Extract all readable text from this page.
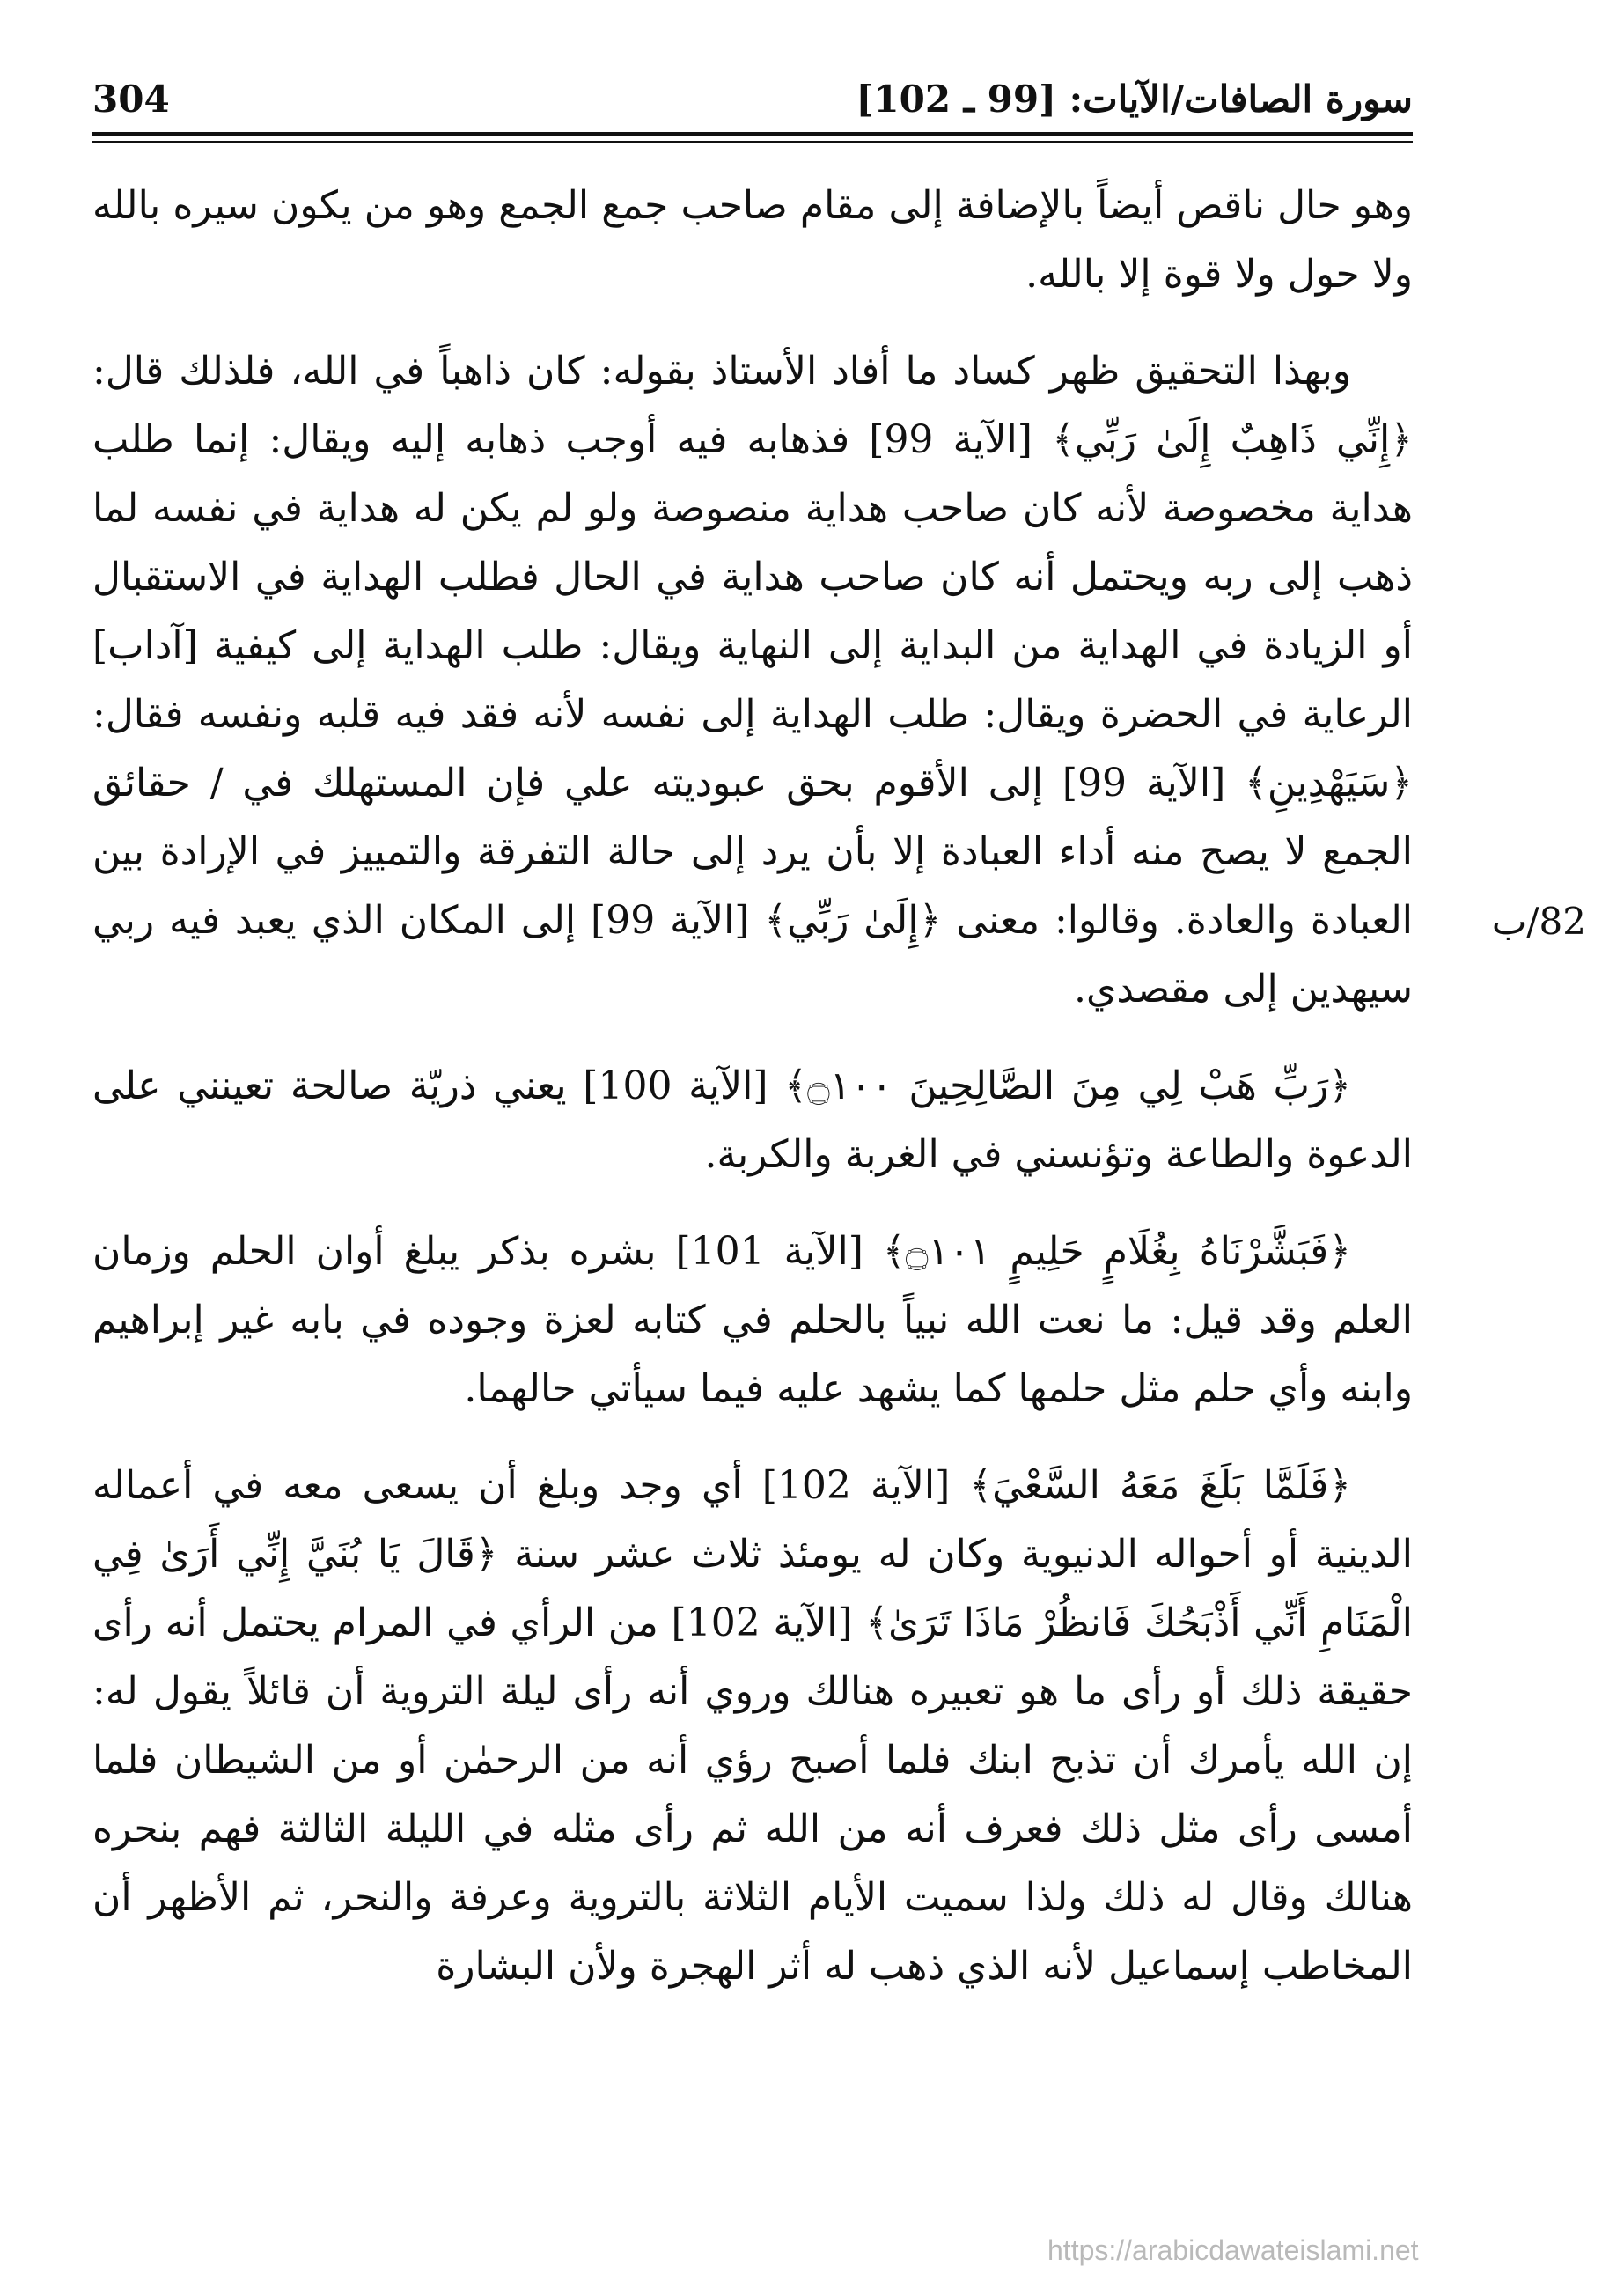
304	سورة الصافات/الآيات: [99 ـ 102]

وهو حال ناقص أيضاً بالإضافة إلى مقام صاحب جمع الجمع وهو من يكون سيره بالله ولا حول ولا قوة إلا بالله.

وبهذا التحقيق ظهر كساد ما أفاد الأستاذ بقوله: كان ذاهباً في الله، فلذلك قال: ﴿إِنِّي ذَاهِبٌ إِلَىٰ رَبِّي﴾ [الآية 99] فذهابه فيه أوجب ذهابه إليه ويقال: إنما طلب هداية مخصوصة لأنه كان صاحب هداية منصوصة ولو لم يكن له هداية في نفسه لما ذهب إلى ربه ويحتمل أنه كان صاحب هداية في الحال فطلب الهداية في الاستقبال أو الزيادة في الهداية من البداية إلى النهاية ويقال: طلب الهداية إلى كيفية [آداب] الرعاية في الحضرة ويقال: طلب الهداية إلى نفسه لأنه فقد فيه قلبه ونفسه فقال: ﴿سَيَهْدِينِ﴾ [الآية 99] إلى الأقوم بحق عبوديته علي فإن المستهلك في / حقائق الجمع لا يصح منه أداء العبادة إلا بأن يرد إلى حالة التفرقة والتمييز في الإرادة بين العبادة والعادة. وقالوا: معنى ﴿إِلَىٰ رَبِّي﴾ [الآية 99] إلى المكان الذي يعبد فيه ربي سيهدين إلى مقصدي.

﴿رَبِّ هَبْ لِي مِنَ الصَّالِحِينَ ۝١٠٠﴾ [الآية 100] يعني ذريّة صالحة تعينني على الدعوة والطاعة وتؤنسني في الغربة والكربة.

﴿فَبَشَّرْنَاهُ بِغُلَامٍ حَلِيمٍ ۝١٠١﴾ [الآية 101] بشره بذكر يبلغ أوان الحلم وزمان العلم وقد قيل: ما نعت الله نبياً بالحلم في كتابه لعزة وجوده في بابه غير إبراهيم وابنه وأي حلم مثل حلمها كما يشهد عليه فيما سيأتي حالهما.

﴿فَلَمَّا بَلَغَ مَعَهُ السَّعْيَ﴾ [الآية 102] أي وجد وبلغ أن يسعى معه في أعماله الدينية أو أحواله الدنيوية وكان له يومئذ ثلاث عشر سنة ﴿قَالَ يَا بُنَيَّ إِنِّي أَرَىٰ فِي الْمَنَامِ أَنِّي أَذْبَحُكَ فَانظُرْ مَاذَا تَرَىٰ﴾ [الآية 102] من الرأي في المرام يحتمل أنه رأى حقيقة ذلك أو رأى ما هو تعبيره هنالك وروي أنه رأى ليلة التروية أن قائلاً يقول له: إن الله يأمرك أن تذبح ابنك فلما أصبح رؤي أنه من الرحمٰن أو من الشيطان فلما أمسى رأى مثل ذلك فعرف أنه من الله ثم رأى مثله في الليلة الثالثة فهم بنحره هنالك وقال له ذلك ولذا سميت الأيام الثلاثة بالتروية وعرفة والنحر، ثم الأظهر أن المخاطب إسماعيل لأنه الذي ذهب له أثر الهجرة ولأن البشارة

82/ب
https://arabicdawateislami.net
